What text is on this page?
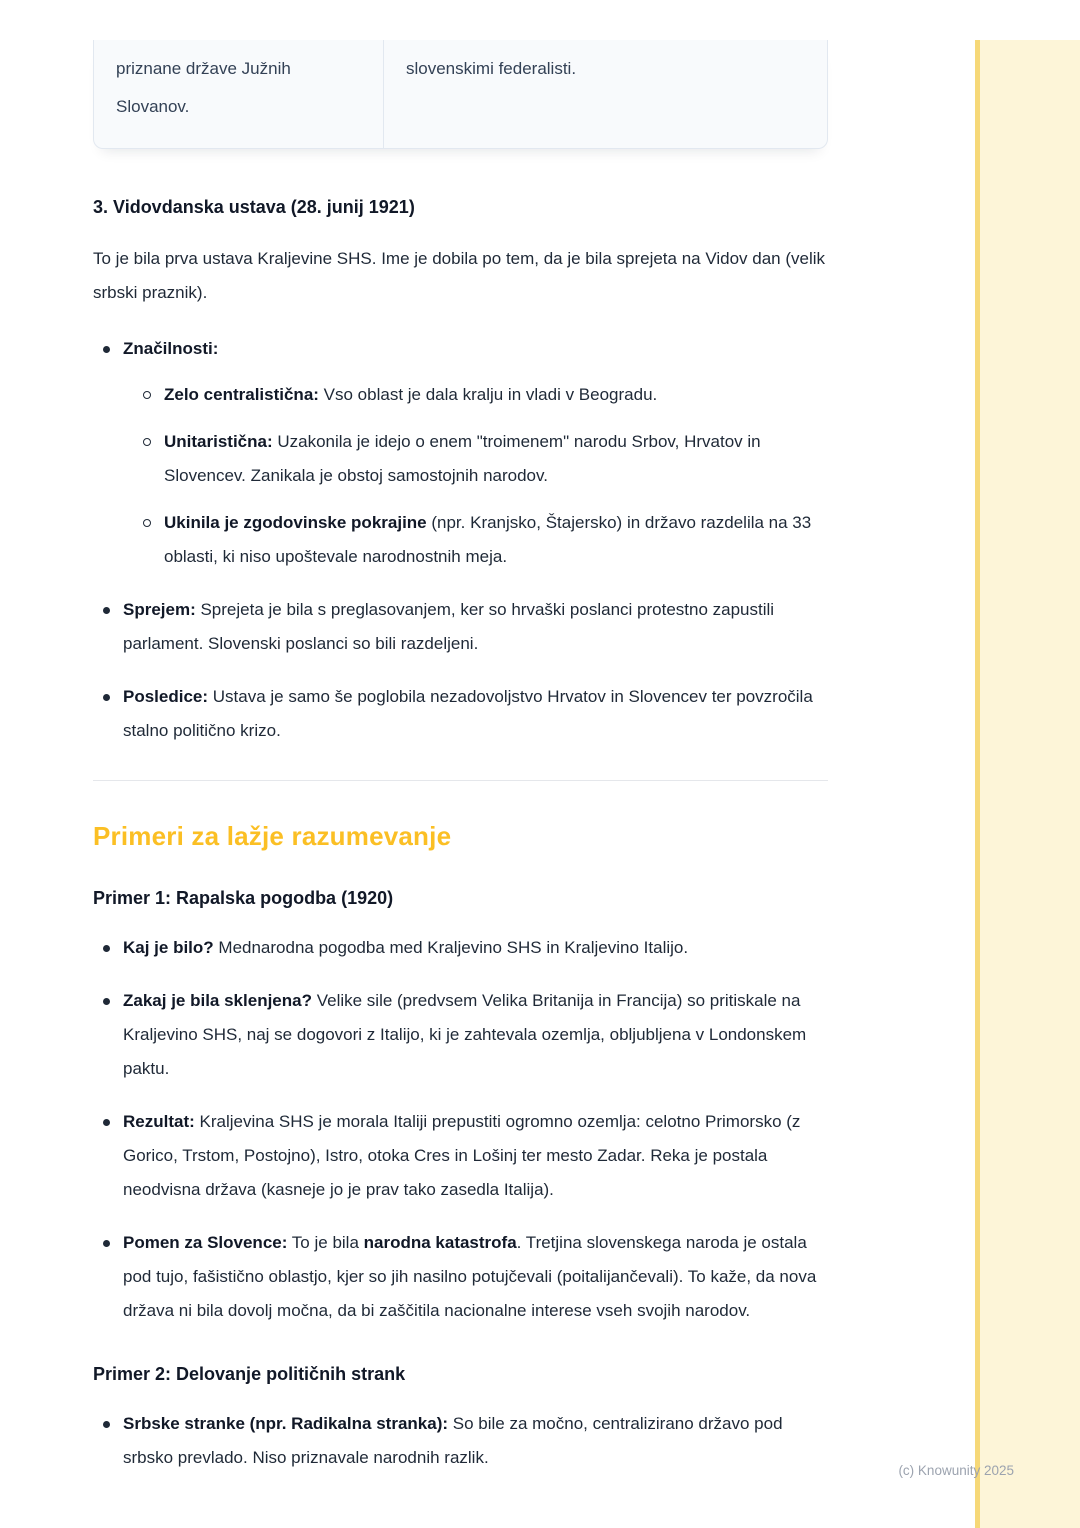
priznane države Južnih Slovanov.
slovenskimi federalisti.
3. Vidovdanska ustava (28. junij 1921)

To je bila prva ustava Kraljevine SHS. Ime je dobila po tem, da je bila sprejeta na Vidov dan (velik srbski praznik).

Značilnosti:

Zelo centralistična: Vso oblast je dala kralju in vladi v Beogradu.

Unitaristična: Uzakonila je idejo o enem "troimenem" narodu Srbov, Hrvatov in Slovencev. Zanikala je obstoj samostojnih narodov.

Ukinila je zgodovinske pokrajine (npr. Kranjsko, Štajersko) in državo razdelila na 33 oblasti, ki niso upoštevale narodnostnih meja.

Sprejem: Sprejeta je bila s preglasovanjem, ker so hrvaški poslanci protestno zapustili parlament. Slovenski poslanci so bili razdeljeni.

Posledice: Ustava je samo še poglobila nezadovoljstvo Hrvatov in Slovencev ter povzročila stalno politično krizo.

Primeri za lažje razumevanje
Primer 1: Rapalska pogodba (1920)

Kaj je bilo? Mednarodna pogodba med Kraljevino SHS in Kraljevino Italijo.

Zakaj je bila sklenjena? Velike sile (predvsem Velika Britanija in Francija) so pritiskale na Kraljevino SHS, naj se dogovori z Italijo, ki je zahtevala ozemlja, obljubljena v Londonskem paktu.

Rezultat: Kraljevina SHS je morala Italiji prepustiti ogromno ozemlja: celotno Primorsko (z Gorico, Trstom, Postojno), Istro, otoka Cres in Lošinj ter mesto Zadar. Reka je postala neodvisna država (kasneje jo je prav tako zasedla Italija).

Pomen za Slovence: To je bila narodna katastrofa. Tretjina slovenskega naroda je ostala pod tujo, fašistično oblastjo, kjer so jih nasilno potujčevali (poitalijančevali). To kaže, da nova država ni bila dovolj močna, da bi zaščitila nacionalne interese vseh svojih narodov.

Primer 2: Delovanje političnih strank

Srbske stranke (npr. Radikalna stranka): So bile za močno, centralizirano državo pod srbsko prevlado. Niso priznavale narodnih razlik.

(c) Knowunity 2025
